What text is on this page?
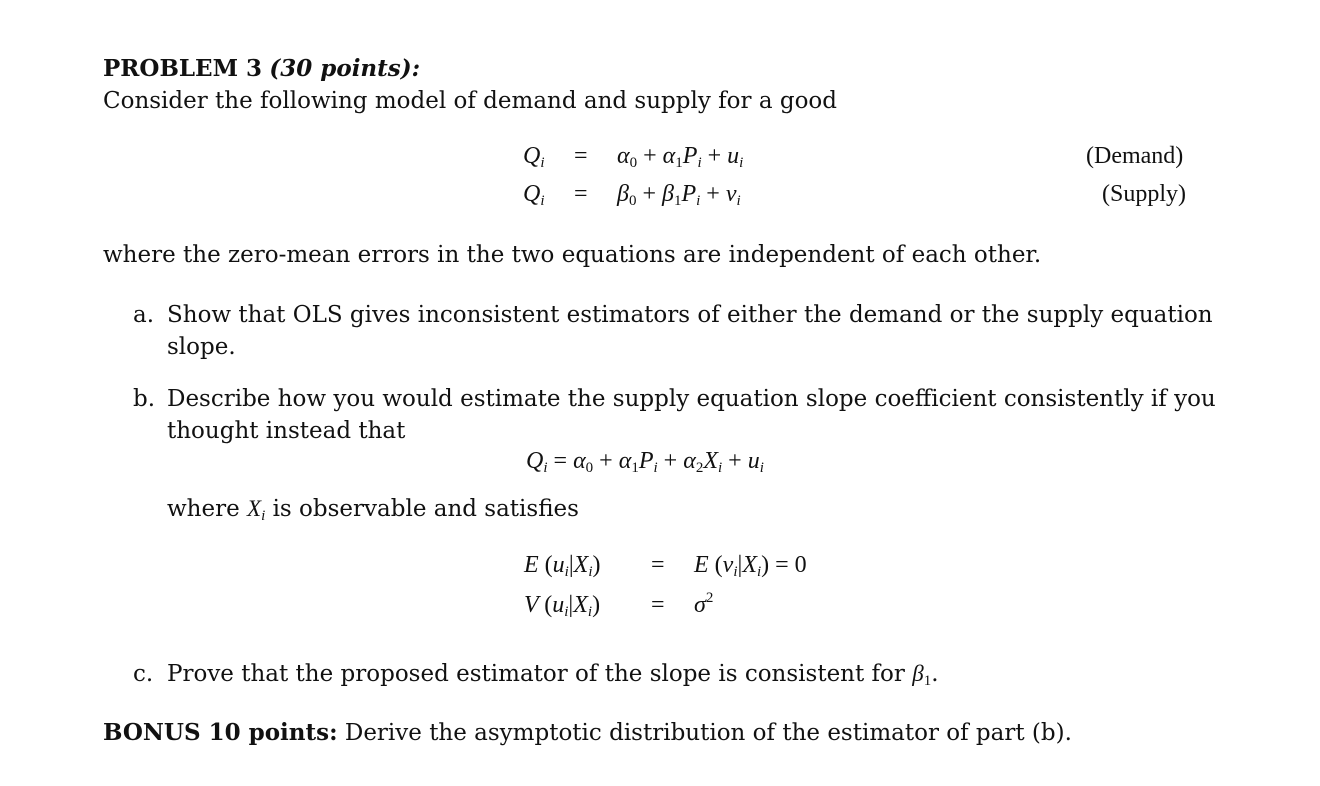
PROBLEM 3 (30 points):
Consider the following model of demand and supply for a good
$Q_i = \alpha_0 + \alpha_1P_i + u_i$	(Demand)
$Q_i = \beta_0 + \beta_1P_i + v_i$	(Supply)
where the zero-mean errors in the two equations are independent of each other.
a. Show that OLS gives inconsistent estimators of either the demand or the supply equation
slope.
b. Describe how you would estimate the supply equation slope coefficient consistently if you
thought instead that
$Q_i = \alpha_0 + \alpha_1P_i + \alpha_2X_i + u_i$
where $X_i$ is observable and satisfies
E $(u_i|X_i) = E$ $(v_i|X_i) = 0$
V $(u_i|X_i) = \sigma^2$
c. Prove that the proposed estimator of the slope is consistent for $\beta_1$.
BONUS 10 points: Derive the asymptotic distribution of the estimator of part (b).
